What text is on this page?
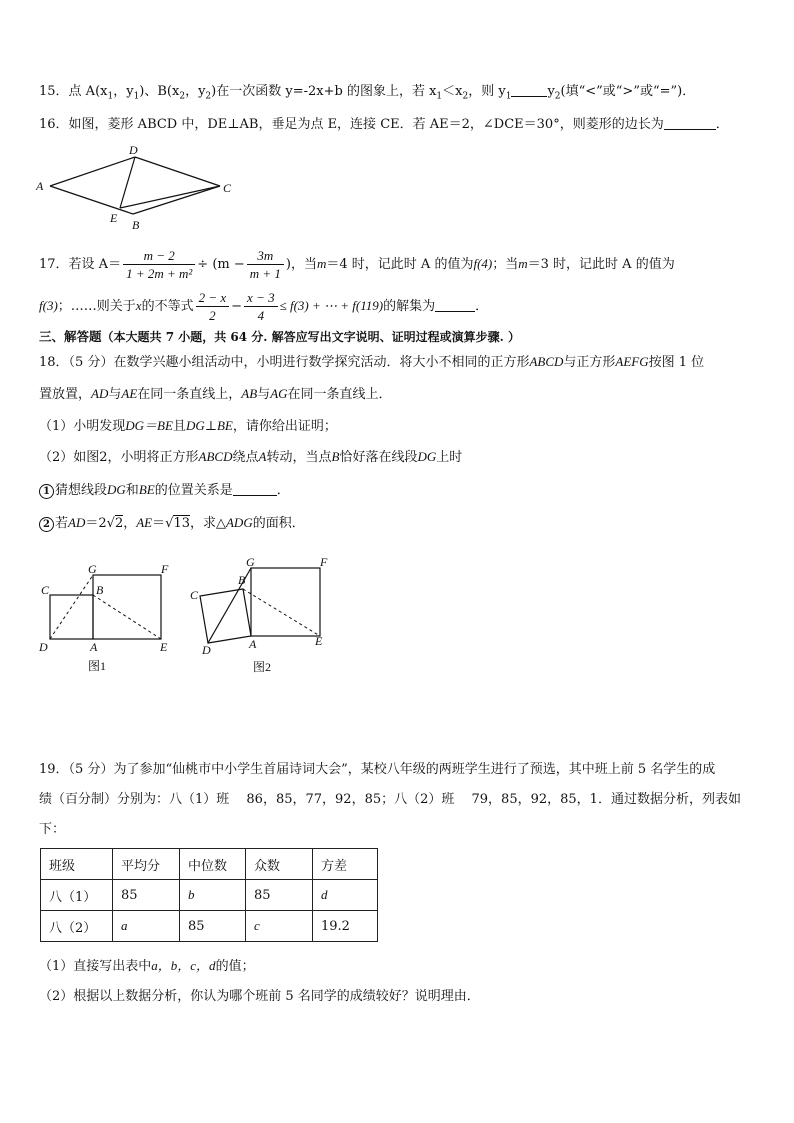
15．点 $A(x_1$，$y_1$)、$B(x_2$，$y_2$)在一次函数 y=-2x+b 的图象上，若 $x_1<x_2$，则 $y_1$	$y_2$(填“<”或“>”或“=”)．
16．如图，菱形 ABCD 中，DE⊥AB，垂足为点 E，连接 CE．若 AE＝2，∠DCE＝30°，则菱形的边长为	．
D
A	C
E B
17．若设 $A= \frac{m - 2}{\text{1 + 2m + m²}} \div (m - \frac{3m}{m + 1}$ )，当m＝4 时，记此时 A 的值为f(4)；当m＝3 时，记此时 A 的值为
f(3)；……则关于x的不等式 $\frac{2 - x}{2} - \frac{x - 3}{4} \le f(3)$ + ⋯ + f(119)的解集为	．
三、解答题（本大题共 7 小题，共 64 分. 解答应写出文字说明、证明过程或演算步骤. ）
18．（5 分）在数学兴趣小组活动中，小明进行数学探究活动．将大小不相同的正方形ABCD与正方形AEFG按图 1 位
置放置，AD与AE在同一条直线上，AB与AG在同一条直线上．
（1）小明发现DG＝BE且DG⊥BE，请你给出证明；
（2）如图2，小明将正方形ABCD绕点A转动，当点B恰好落在线段DG上时
1 猜想线段DG和BE的位置关系是	．
2 若AD＝2√2，AE＝√13，求△ADG的面积．
G	F
C	B
D	A	E
图1
G	F
B
C
A
D
E
图2
19．（5 分）为了参加“仙桃市中小学生首届诗词大会”，某校八年级的两班学生进行了预选，其中班上前 5 名学生的成
绩（百分制）分别为：八（1）班　 86，85，77，92，85；八（2）班　 79，85，92，85，1．通过数据分析，列表如
下：
班级	平均分	中位数	众数	方差
八（1）	85	b	85	d
八（2）	a	85	c	19.2
（1）直接写出表中a，b，c，d的值；
（2）根据以上数据分析，你认为哪个班前 5 名同学的成绩较好？说明理由．
